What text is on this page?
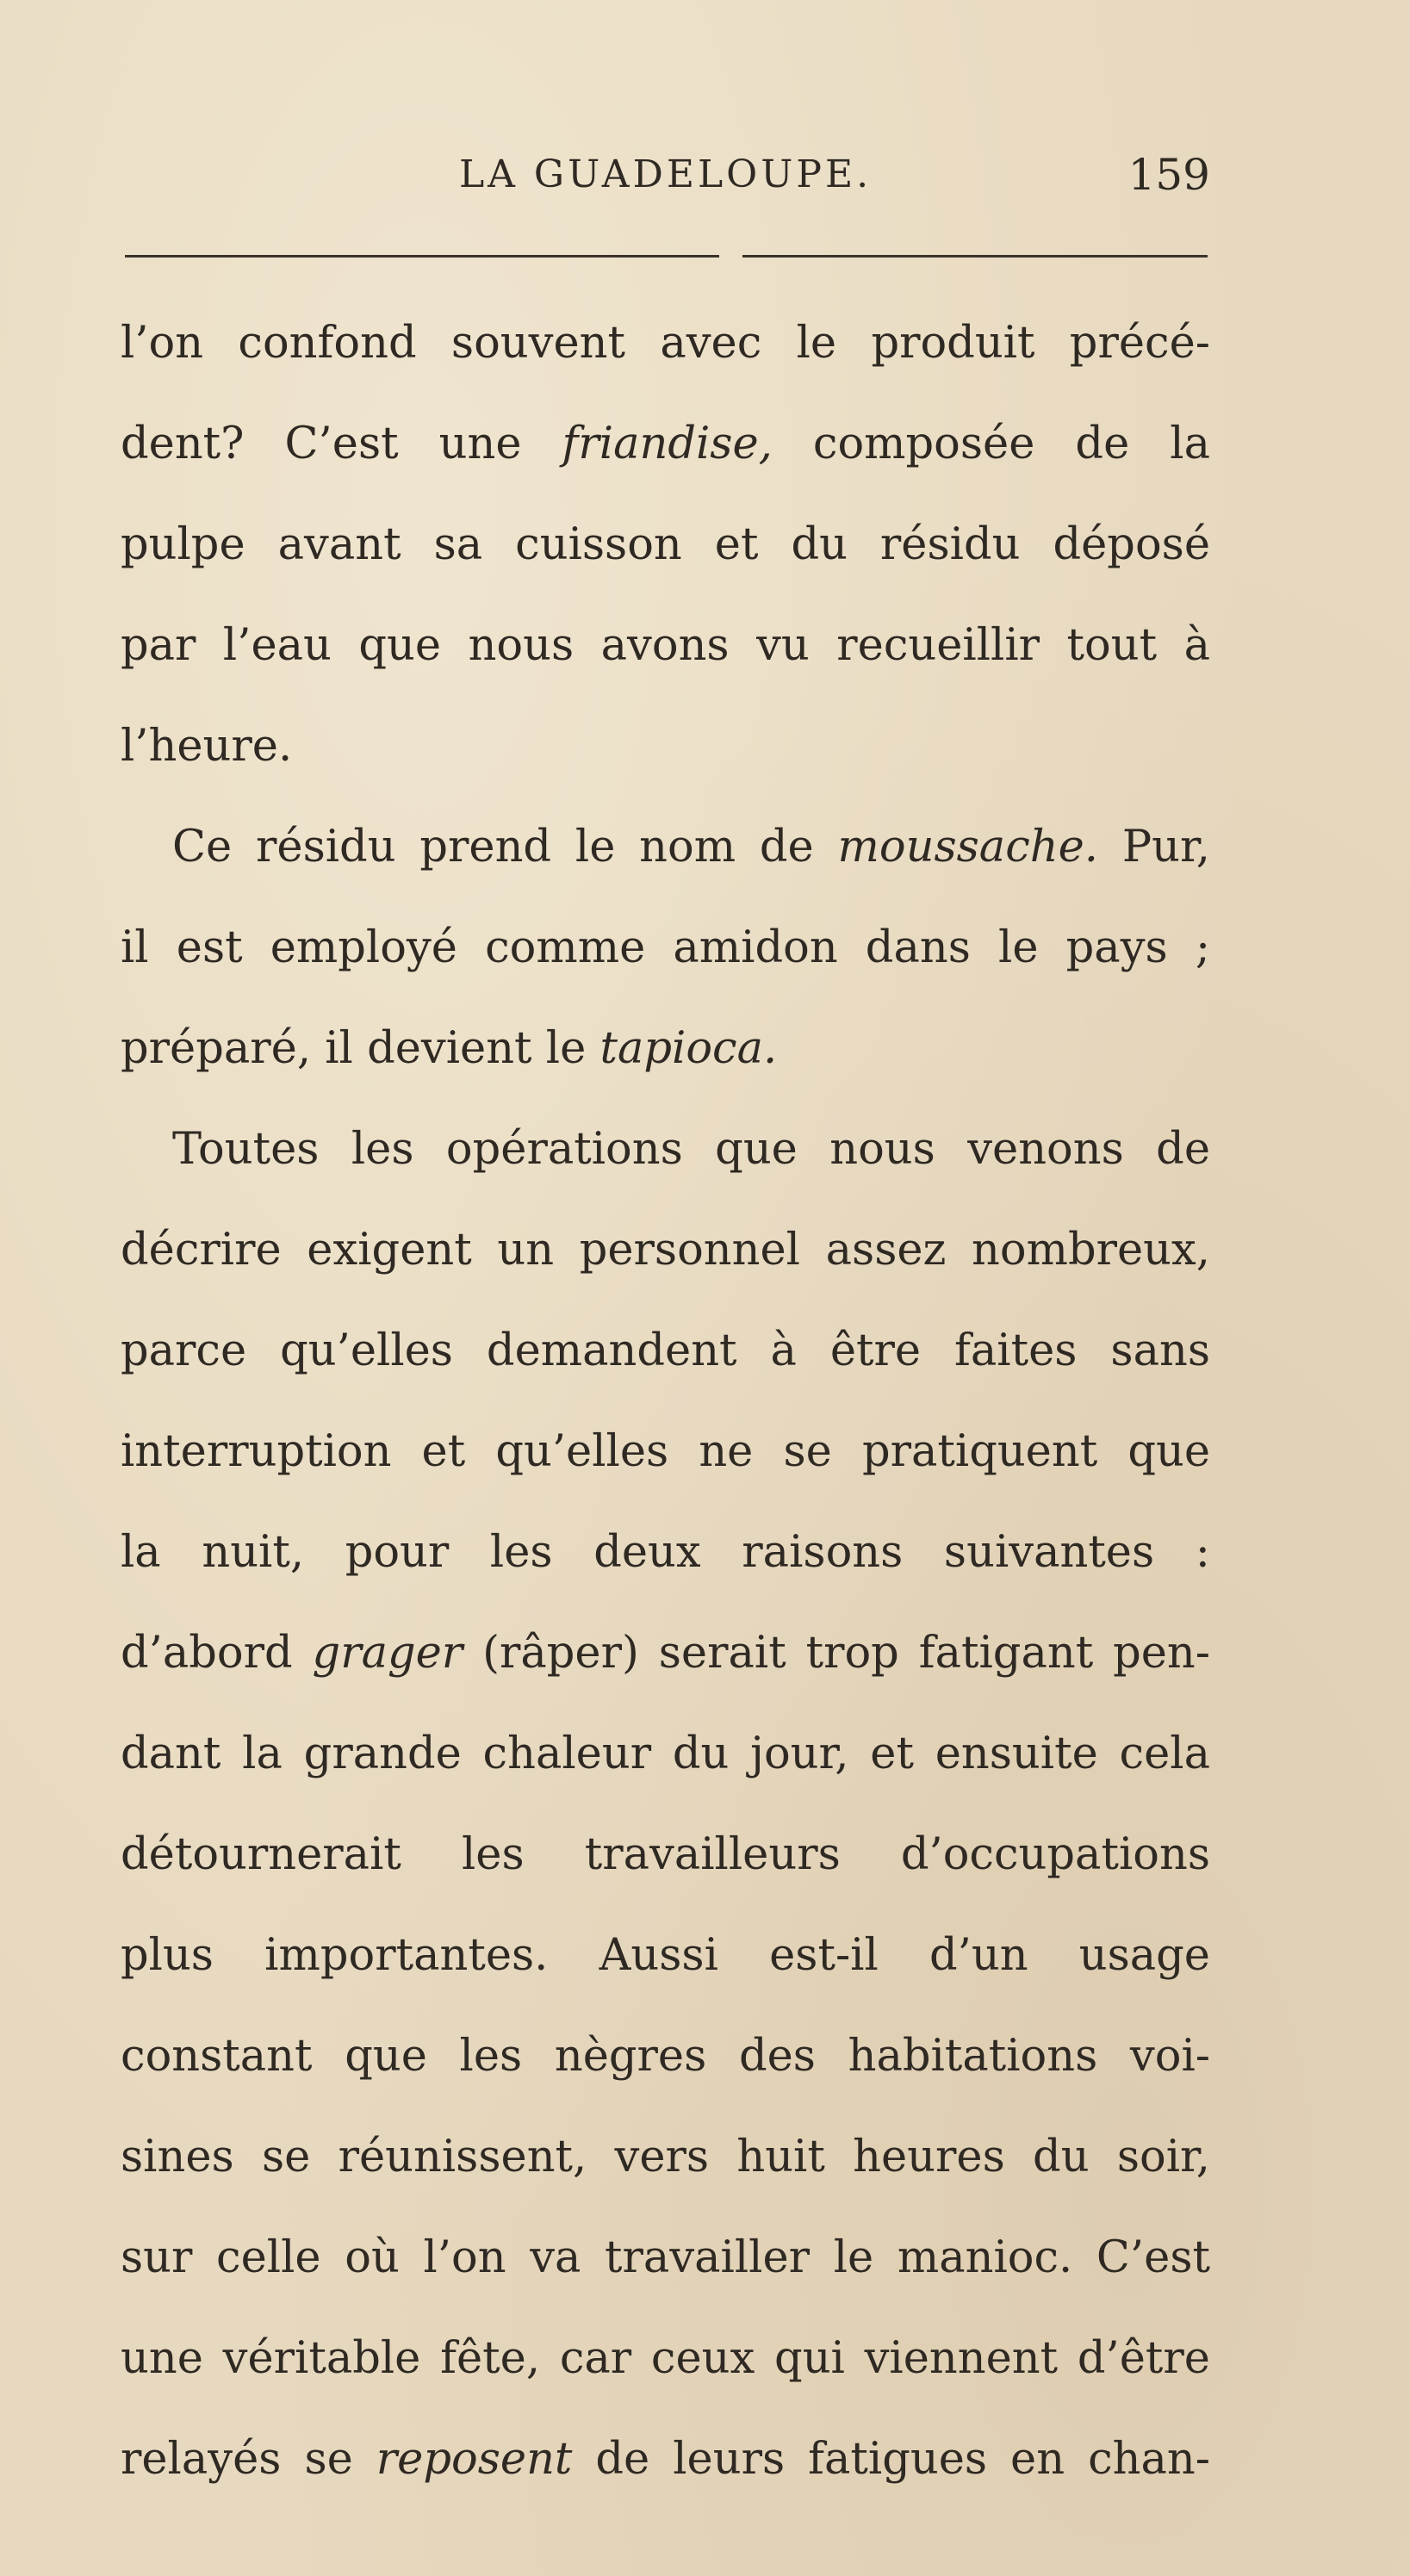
LA GUADELOUPE.	159
l’on confond souvent avec le produit précé-
dent? C’est une friandise, composée de la
pulpe avant sa cuisson et du résidu déposé
par l’eau que nous avons vu recueillir tout à
l’heure.
Ce résidu prend le nom de moussache. Pur,
il est employé comme amidon dans le pays ;
préparé, il devient le tapioca.
Toutes les opérations que nous venons de
décrire exigent un personnel assez nombreux,
parce qu’elles demandent à être faites sans
interruption et qu’elles ne se pratiquent que
la nuit, pour les deux raisons suivantes :
d’abord grager (râper) serait trop fatigant pen-
dant la grande chaleur du jour, et ensuite cela
détournerait les travailleurs d’occupations
plus importantes. Aussi est-il d’un usage
constant que les nègres des habitations voi-
sines se réunissent, vers huit heures du soir,
sur celle où l’on va travailler le manioc. C’est
une véritable fête, car ceux qui viennent d’être
relayés se reposent de leurs fatigues en chan-
